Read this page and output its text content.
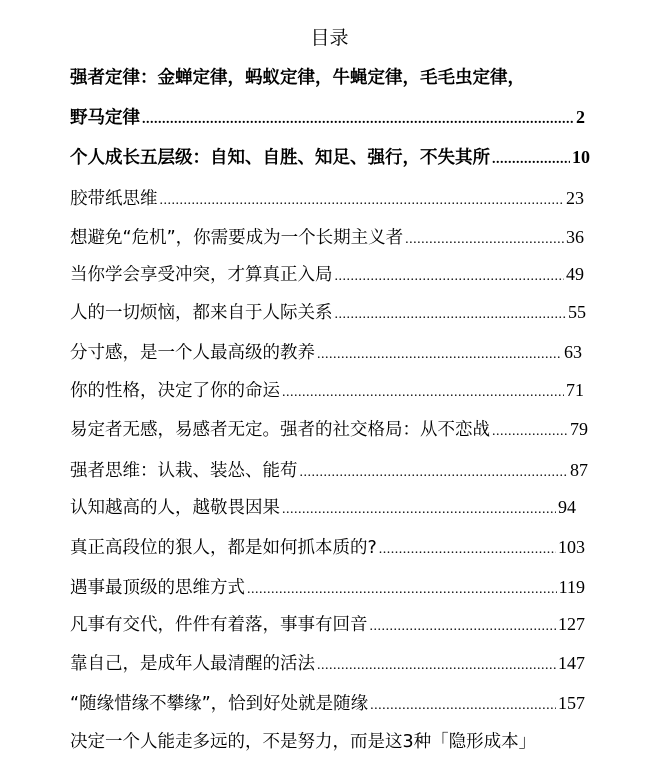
目录
强者定律：金蝉定律，蚂蚁定律，牛蝇定律，毛毛虫定律，
野马定律 .....	2
个人成长五层级：自知、自胜、知足、强行，不失其所 .....	10
胶带纸思维 .....	23
想避免“危机”，你需要成为一个长期主义者 .....	36
当你学会享受冲突，才算真正入局 .....	49
人的一切烦恼，都来自于人际关系 .....	55
分寸感，是一个人最高级的教养 .....	63
你的性格，决定了你的命运 .....	71
易定者无感，易感者无定。强者的社交格局：从不恋战 .....	79
强者思维：认栽、装怂、能苟 .....	87
认知越高的人，越敬畏因果 .....	94
真正高段位的狠人，都是如何抓本质的? .....	103
遇事最顶级的思维方式 .....	119
凡事有交代，件件有着落，事事有回音 .....	127
靠自己，是成年人最清醒的活法 .....	147
“随缘惜缘不攀缘”，恰到好处就是随缘 .....	157
决定一个人能走多远的，不是努力，而是这3种「隐形成本」
